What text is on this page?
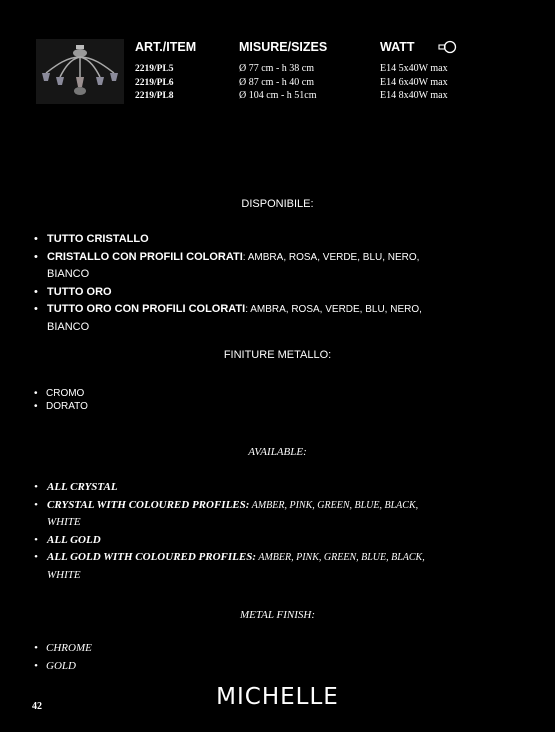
ART./ITEM	MISURE/SIZES	WATT
2219/PL5
2219/PL6
2219/PL8
Ø 77 cm - h 38 cm
Ø 87 cm - h 40 cm
Ø 104 cm - h 51cm
E14 5x40W max
E14 6x40W max
E14 8x40W max
DISPONIBILE:
• TUTTO CRISTALLO
• CRISTALLO CON PROFILI COLORATI: AMBRA, ROSA, VERDE, BLU, NERO,
BIANCO
• TUTTO ORO
• TUTTO ORO CON PROFILI COLORATI: AMBRA, ROSA, VERDE, BLU, NERO,
BIANCO
FINITURE METALLO:
• CROMO
• DORATO
AVAILABLE:
• ALL CRYSTAL
• CRYSTAL WITH COLOURED PROFILES: AMBER, PINK, GREEN, BLUE, BLACK,
WHITE
• ALL GOLD
• ALL GOLD WITH COLOURED PROFILES: AMBER, PINK, GREEN, BLUE, BLACK,
WHITE
METAL FINISH:
• CHROME
• GOLD
MICHELLE
42
